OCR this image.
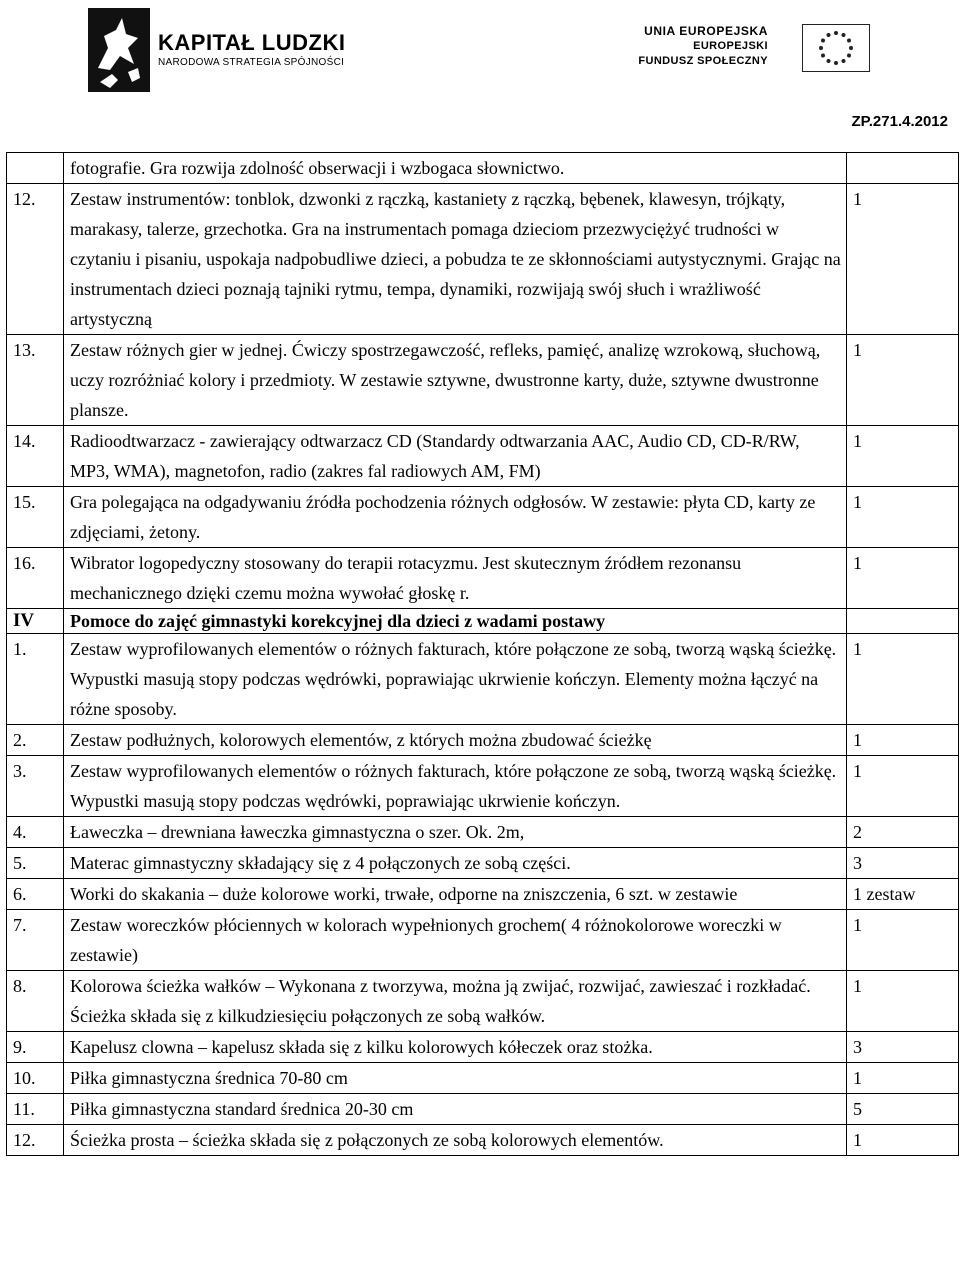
KAPITAŁ LUDZKI
NARODOWA STRATEGIA SPÓJNOŚCI
UNIA EUROPEJSKA
EUROPEJSKI
FUNDUSZ SPOŁECZNY
ZP.271.4.2012
	fotografie. Gra rozwija zdolność obserwacji i wzbogaca słownictwo.	
12.	Zestaw instrumentów: tonblok, dzwonki z rączką, kastaniety z rączką, bębenek, klawesyn, trójkąty, marakasy, talerze, grzechotka. Gra na instrumentach pomaga dzieciom przezwyciężyć trudności w czytaniu i pisaniu, uspokaja nadpobudliwe dzieci, a pobudza te ze skłonnościami autystycznymi. Grając na instrumentach dzieci poznają tajniki rytmu, tempa, dynamiki, rozwijają swój słuch i wrażliwość artystyczną	1
13.	Zestaw różnych gier w jednej. Ćwiczy spostrzegawczość, refleks, pamięć, analizę wzrokową, słuchową, uczy rozróżniać kolory i przedmioty. W zestawie sztywne, dwustronne karty, duże, sztywne dwustronne plansze.	1
14.	Radioodtwarzacz - zawierający odtwarzacz CD (Standardy odtwarzania AAC, Audio CD, CD-R/RW, MP3, WMA), magnetofon, radio (zakres fal radiowych AM, FM)	1
15.	Gra polegająca na odgadywaniu źródła pochodzenia różnych odgłosów. W zestawie: płyta CD, karty ze zdjęciami, żetony.	1
16.	Wibrator logopedyczny stosowany do terapii rotacyzmu. Jest skutecznym źródłem rezonansu mechanicznego dzięki czemu można wywołać głoskę r.	1
IV	Pomoce do zajęć gimnastyki korekcyjnej dla dzieci z wadami postawy	
1.	Zestaw wyprofilowanych elementów o różnych fakturach, które połączone ze sobą, tworzą wąską ścieżkę. Wypustki masują stopy podczas wędrówki, poprawiając ukrwienie kończyn. Elementy można łączyć na różne sposoby.	1
2.	Zestaw podłużnych, kolorowych elementów, z których można zbudować ścieżkę	1
3.	Zestaw wyprofilowanych elementów o różnych fakturach, które połączone ze sobą, tworzą wąską ścieżkę. Wypustki masują stopy podczas wędrówki, poprawiając ukrwienie kończyn.	1
4.	Ławeczka – drewniana ławeczka gimnastyczna o szer. Ok. 2m,	2
5.	Materac gimnastyczny składający się z 4 połączonych ze sobą części.	3
6.	Worki do skakania – duże kolorowe worki, trwałe, odporne na zniszczenia, 6 szt. w zestawie	1 zestaw
7.	Zestaw woreczków płóciennych w kolorach wypełnionych grochem( 4 różnokolorowe woreczki w zestawie)	1
8.	Kolorowa ścieżka wałków – Wykonana z tworzywa, można ją zwijać, rozwijać, zawieszać i rozkładać. Ścieżka składa się z kilkudziesięciu połączonych ze sobą wałków.	1
9.	Kapelusz clowna – kapelusz składa się z kilku kolorowych kółeczek oraz stożka.	3
10.	Piłka gimnastyczna średnica 70-80 cm	1
11.	Piłka gimnastyczna standard średnica 20-30 cm	5
12.	Ścieżka prosta – ścieżka składa się z połączonych ze sobą kolorowych elementów.	1
